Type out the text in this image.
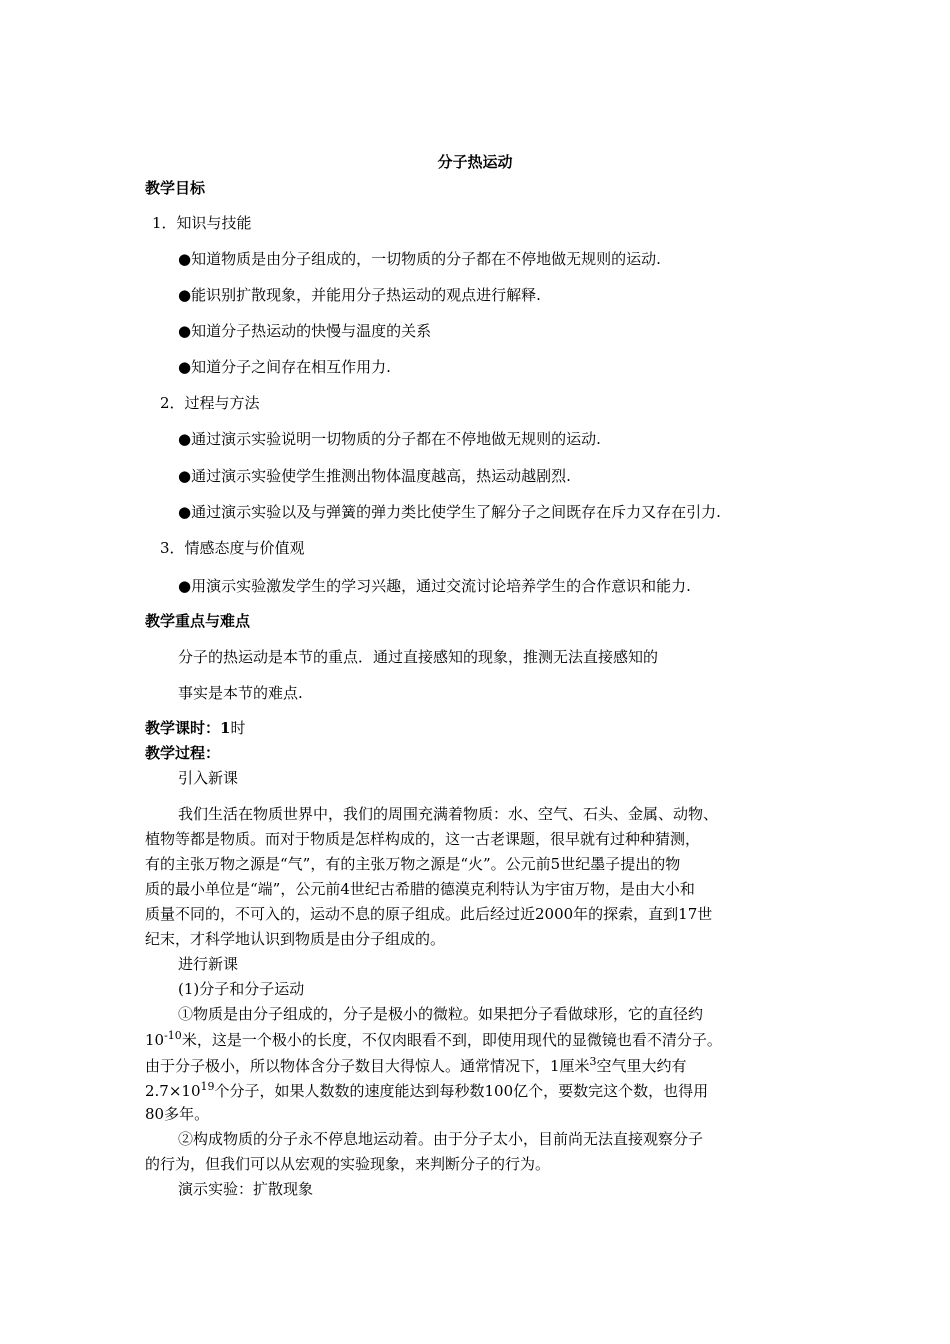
分子热运动
教学目标
1．知识与技能
●知道物质是由分子组成的，一切物质的分子都在不停地做无规则的运动.
●能识别扩散现象，并能用分子热运动的观点进行解释.
●知道分子热运动的快慢与温度的关系
●知道分子之间存在相互作用力.
2．过程与方法
●通过演示实验说明一切物质的分子都在不停地做无规则的运动.
●通过演示实验使学生推测出物体温度越高，热运动越剧烈.
●通过演示实验以及与弹簧的弹力类比使学生了解分子之间既存在斥力又存在引力.
3．情感态度与价值观
●用演示实验激发学生的学习兴趣，通过交流讨论培养学生的合作意识和能力.
教学重点与难点
分子的热运动是本节的重点．通过直接感知的现象，推测无法直接感知的
事实是本节的难点.
教学课时：1时
教学过程：
引入新课
我们生活在物质世界中，我们的周围充满着物质：水、空气、石头、金属、动物、
植物等都是物质。而对于物质是怎样构成的，这一古老课题，很早就有过种种猜测，
有的主张万物之源是“气”，有的主张万物之源是“火”。公元前5世纪墨子提出的物
质的最小单位是“端”，公元前4世纪古希腊的德漠克利特认为宇宙万物，是由大小和
质量不同的，不可入的，运动不息的原子组成。此后经过近2000年的探索，直到17世
纪末，才科学地认识到物质是由分子组成的。
进行新课
(1)分子和分子运动
①物质是由分子组成的，分子是极小的微粒。如果把分子看做球形，它的直径约
$10^{-10}$米，这是一个极小的长度，不仅肉眼看不到，即使用现代的显微镜也看不清分子。
由于分子极小，所以物体含分子数目大得惊人。通常情况下，1厘米$^3$空气里大约有
$2.7\times 10^{19}$个分子，如果人数数的速度能达到每秒数100亿个，要数完这个数，也得用
80多年。
②构成物质的分子永不停息地运动着。由于分子太小，目前尚无法直接观察分子
的行为，但我们可以从宏观的实验现象，来判断分子的行为。
演示实验：扩散现象
